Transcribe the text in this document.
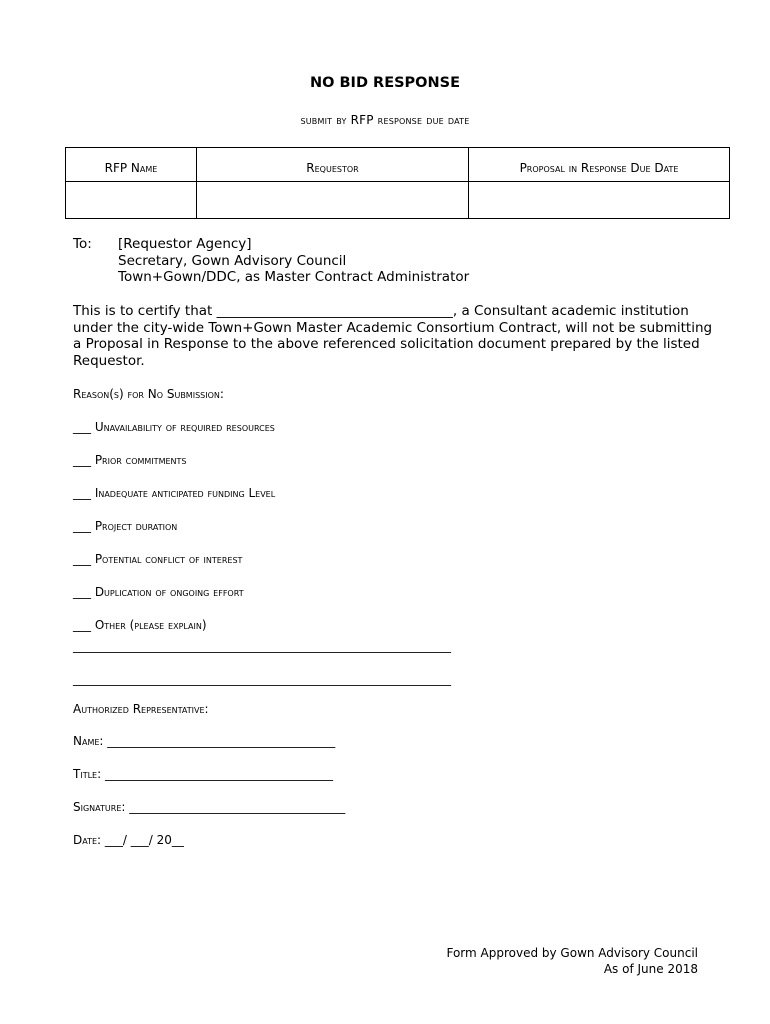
NO BID RESPONSE
submit by RFP response due date
RFP Name	Requestor	Proposal in Response Due Date

To: [Requestor Agency]
Secretary, Gown Advisory Council
Town+Gown/DDC, as Master Contract Administrator
This is to certify that ___________________________________, a Consultant academic institution under the city-wide Town+Gown Master Academic Consortium Contract, will not be submitting a Proposal in Response to the above referenced solicitation document prepared by the listed Requestor.
Reason(s) for No Submission:
___ Unavailability of required resources
___ Prior commitments
___ Inadequate anticipated funding Level
___ Project duration
___ Potential conflict of interest
___ Duplication of ongoing effort
___ Other (please explain)
_______________________________________________________________
_______________________________________________________________
Authorized Representative:
Name: ______________________________________
Title: ______________________________________
Signature: ____________________________________
Date: ___/ ___/ 20__
Form Approved by Gown Advisory Council
As of June 2018
